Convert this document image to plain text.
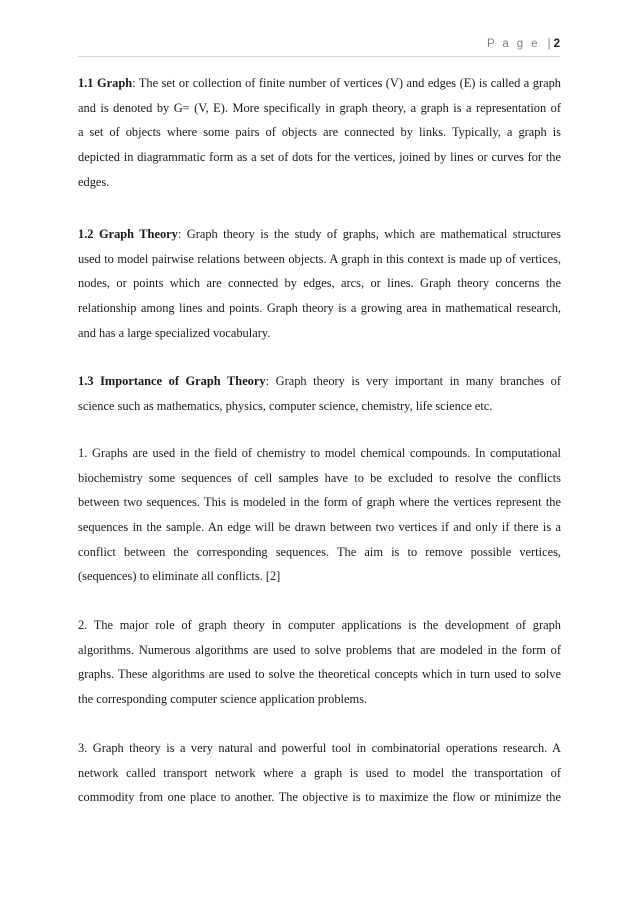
P a g e | 2
1.1 Graph: The set or collection of finite number of vertices (V) and edges (E) is called a graph
and is denoted by G= (V, E). More specifically in graph theory, a graph is a representation of
a set of objects where some pairs of objects are connected by links. Typically, a graph is
depicted in diagrammatic form as a set of dots for the vertices, joined by lines or curves for the
edges.
1.2 Graph Theory: Graph theory is the study of graphs, which are mathematical structures
used to model pairwise relations between objects. A graph in this context is made up of vertices,
nodes, or points which are connected by edges, arcs, or lines. Graph theory concerns the
relationship among lines and points. Graph theory is a growing area in mathematical research,
and has a large specialized vocabulary.
1.3 Importance of Graph Theory: Graph theory is very important in many branches of
science such as mathematics, physics, computer science, chemistry, life science etc.
1. Graphs are used in the field of chemistry to model chemical compounds. In computational
biochemistry some sequences of cell samples have to be excluded to resolve the conflicts
between two sequences. This is modeled in the form of graph where the vertices represent the
sequences in the sample. An edge will be drawn between two vertices if and only if there is a
conflict between the corresponding sequences. The aim is to remove possible vertices,
(sequences) to eliminate all conflicts. [2]
2. The major role of graph theory in computer applications is the development of graph
algorithms. Numerous algorithms are used to solve problems that are modeled in the form of
graphs. These algorithms are used to solve the theoretical concepts which in turn used to solve
the corresponding computer science application problems.
3. Graph theory is a very natural and powerful tool in combinatorial operations research. A
network called transport network where a graph is used to model the transportation of
commodity from one place to another. The objective is to maximize the flow or minimize the
